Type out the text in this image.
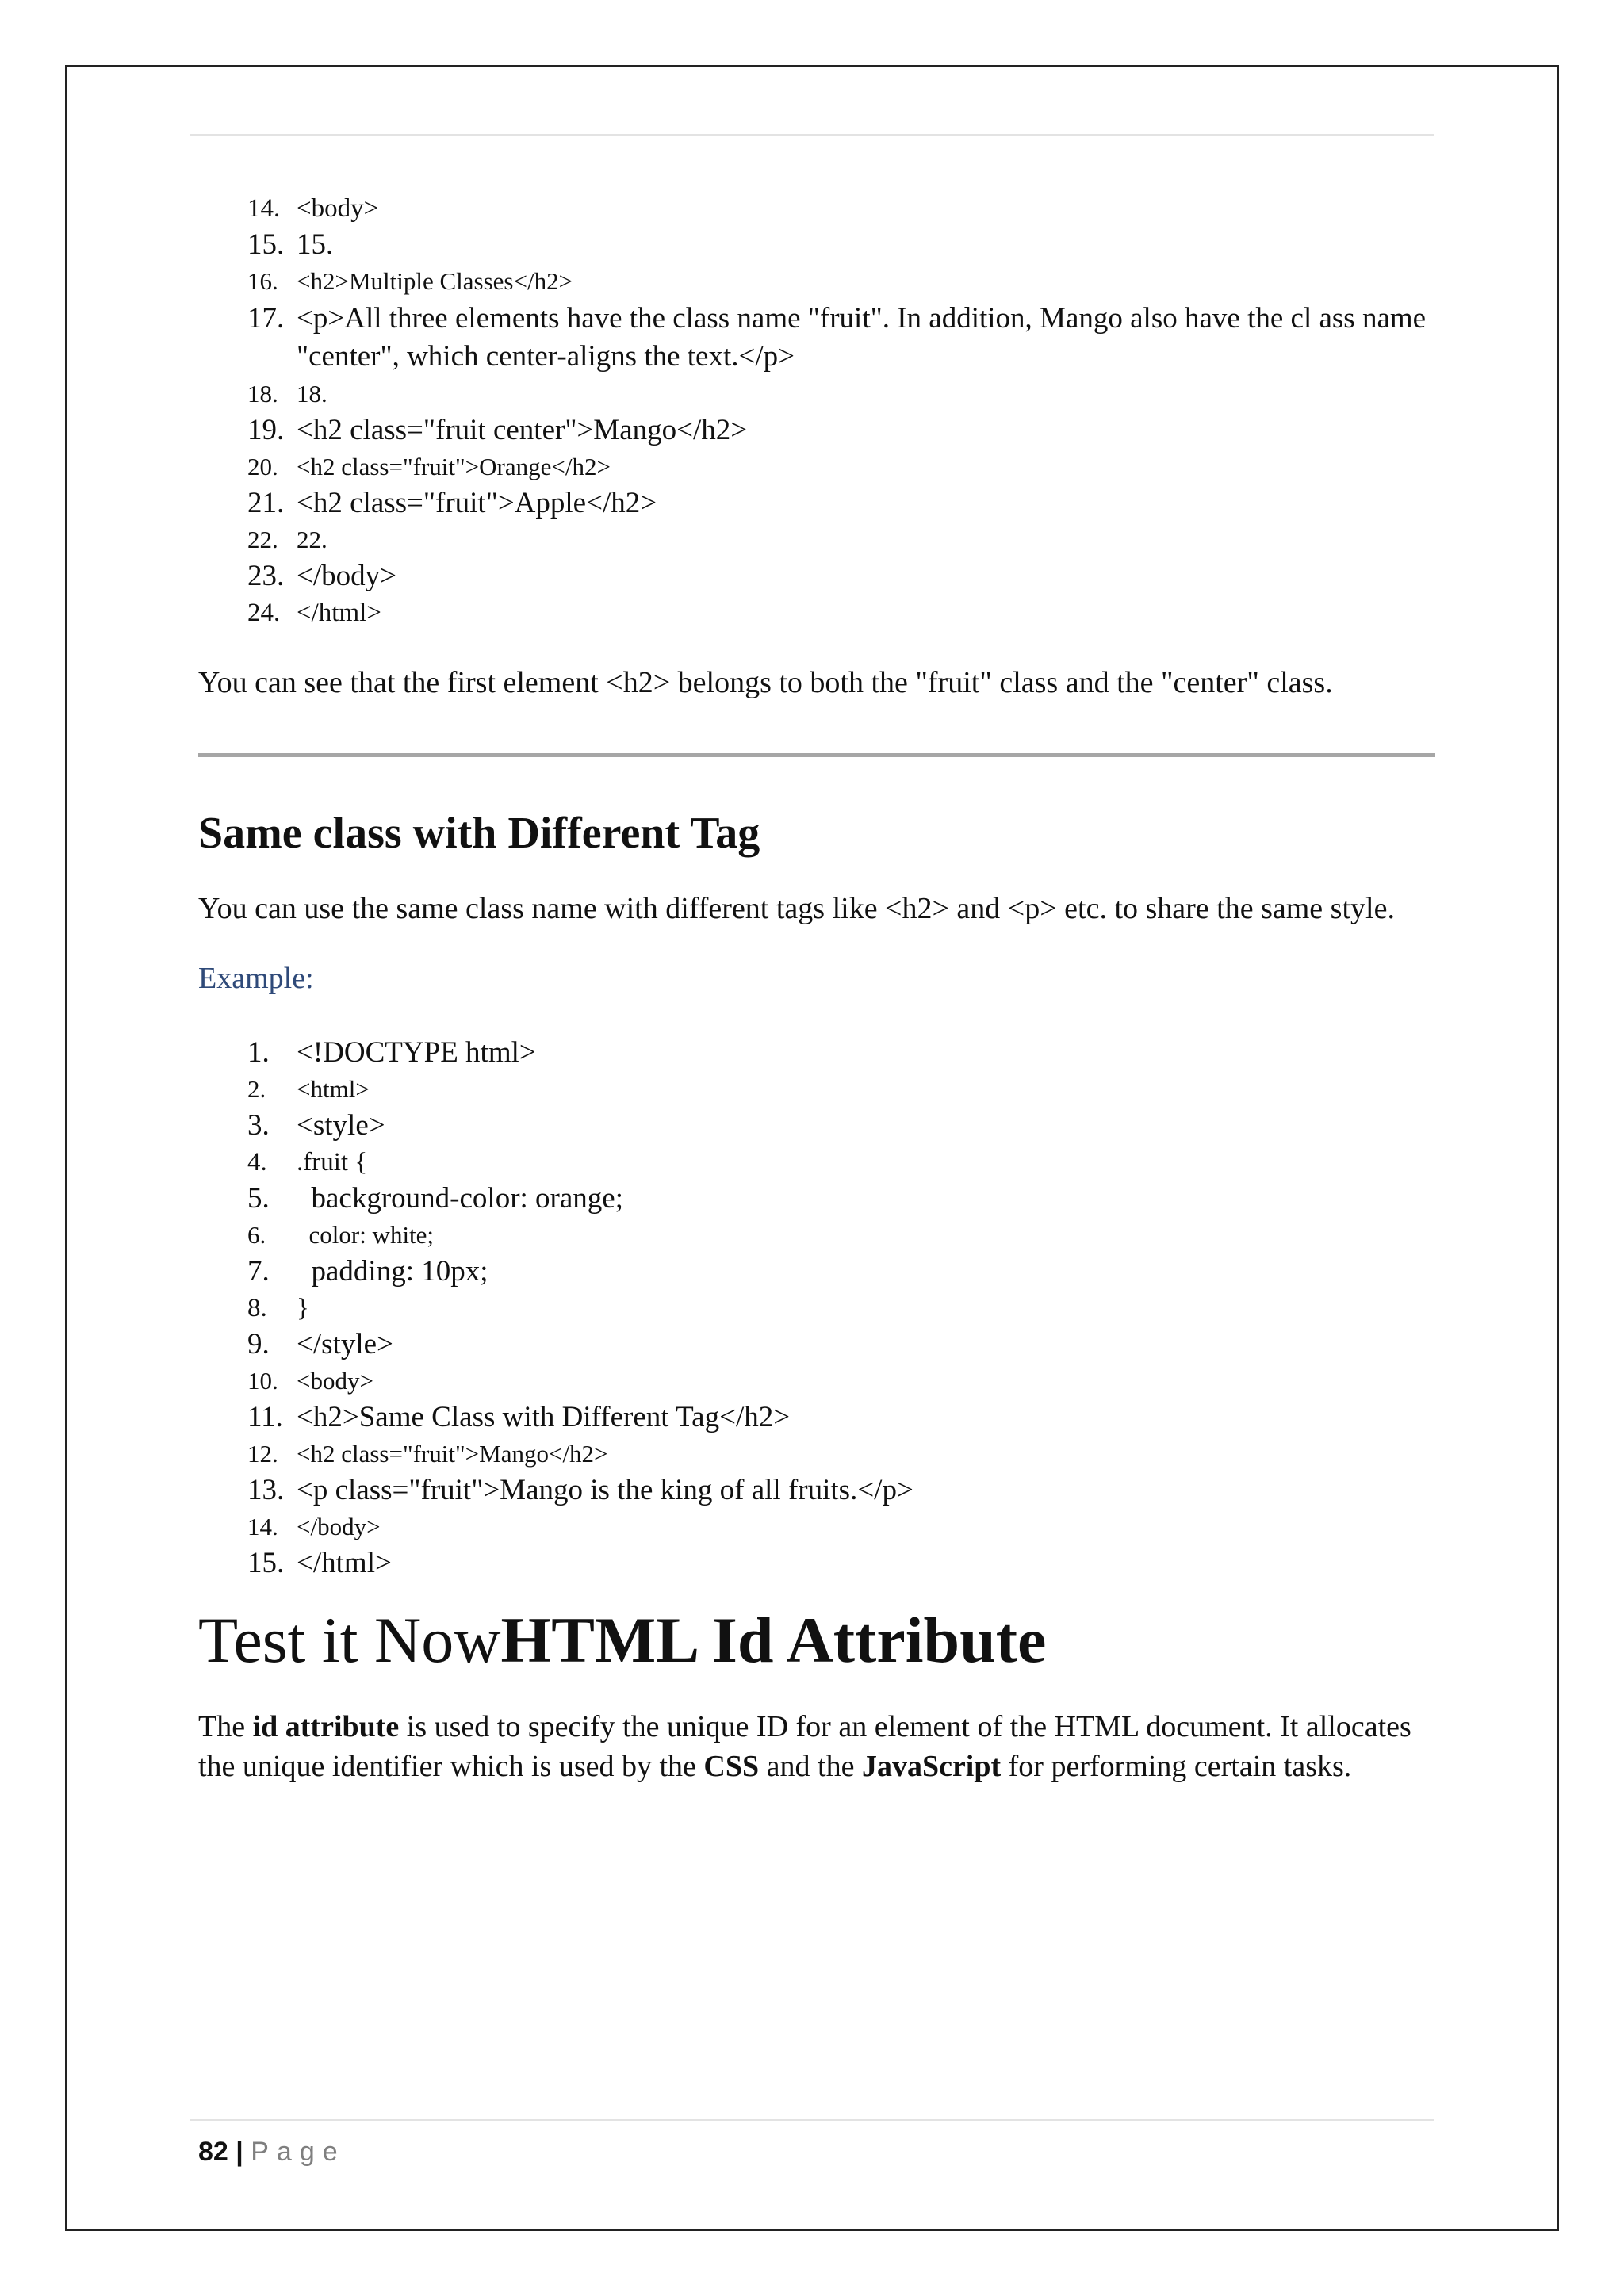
14. <body>
15. 15.
16. <h2>Multiple Classes</h2>
17. <p>All three elements have the class name "fruit". In addition, Mango also have the cl ass name "center", which center-aligns the text.</p>
18. 18.
19. <h2 class="fruit center">Mango</h2>
20. <h2 class="fruit">Orange</h2>
21. <h2 class="fruit">Apple</h2>
22. 22.
23. </body>
24. </html>

You can see that the first element <h2> belongs to both the "fruit" class and the "center" class.

Same class with Different Tag

You can use the same class name with different tags like <h2> and <p> etc. to share the same style.

Example:

1. <!DOCTYPE html>
2.	<html>
3. <style>
4.	.fruit {
5. background-color: orange;
6.	color: white;
7. padding: 10px;
8.	}
9. </style>
10. <body>
11. <h2>Same Class with Different Tag</h2>
12. <h2 class="fruit">Mango</h2>
13. <p class="fruit">Mango is the king of all fruits.</p>
14. </body>
15. </html>
Test it NowHTML Id Attribute

The id attribute is used to specify the unique ID for an element of the HTML document. It allocates the unique identifier which is used by the CSS and the JavaScript for performing certain tasks.

82 | Page
